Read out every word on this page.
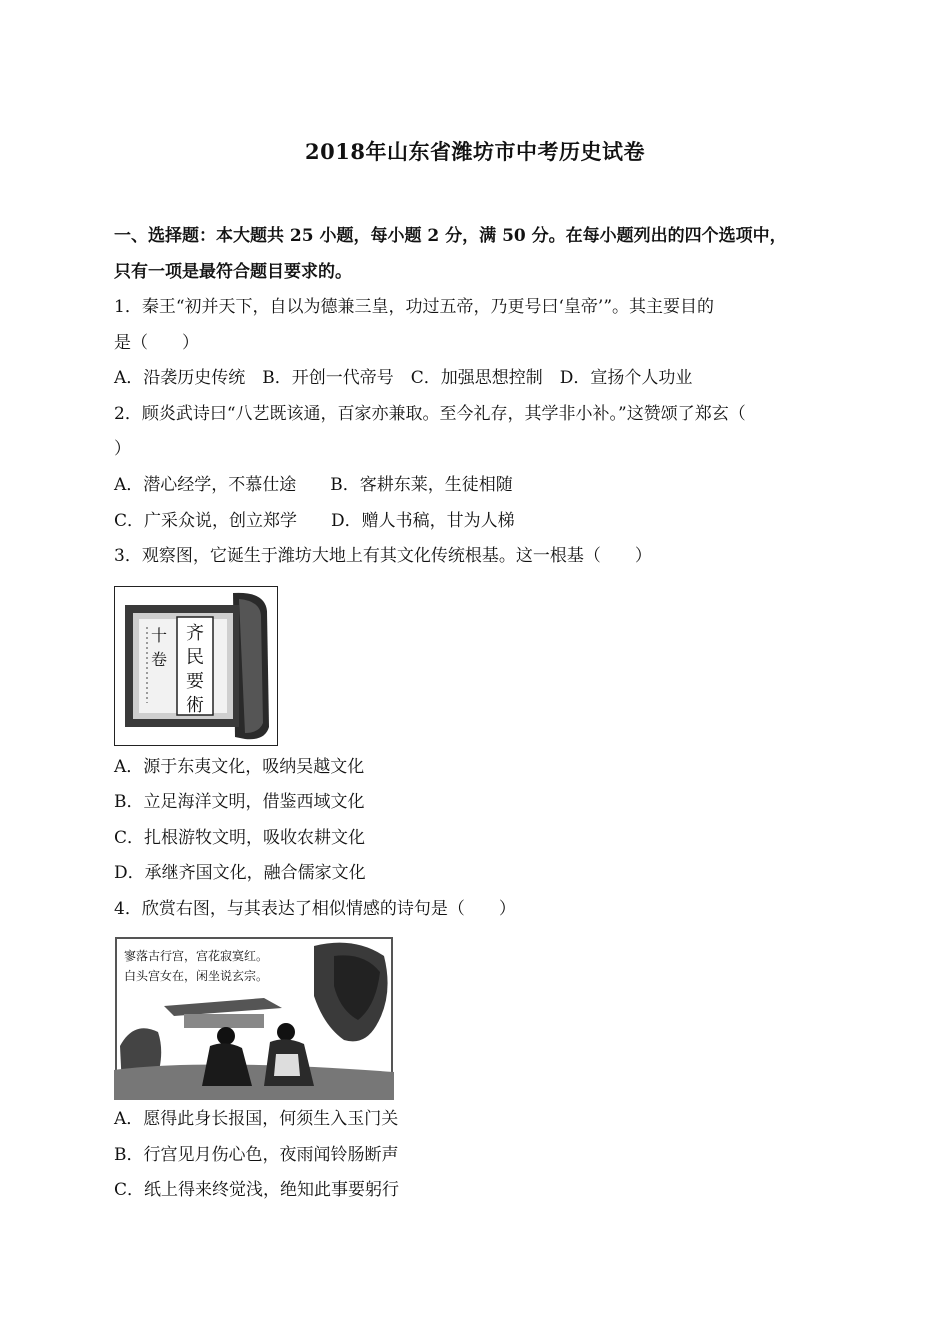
2018年山东省潍坊市中考历史试卷
一、选择题：本大题共 25 小题，每小题 2 分，满 50 分。在每小题列出的四个选项中，
只有一项是最符合题目要求的。
1．秦王“初并天下，自以为德兼三皇，功过五帝，乃更号曰‘皇帝’”。其主要目的
是（　　）
A．沿袭历史传统　B．开创一代帝号　C．加强思想控制　D．宣扬个人功业
2．顾炎武诗曰“八艺既该通，百家亦兼取。至今礼存，其学非小补。”这赞颂了郑玄（
）
A．潜心经学，不慕仕途　　B．客耕东莱，生徒相随
C．广采众说，创立郑学　　D．赠人书稿，甘为人梯
3．观察图，它诞生于潍坊大地上有其文化传统根基。这一根基（　　）
齐
民
要
術
十
卷
A．源于东夷文化，吸纳吴越文化
B．立足海洋文明，借鉴西域文化
C．扎根游牧文明，吸收农耕文化
D．承继齐国文化，融合儒家文化
4．欣赏右图，与其表达了相似情感的诗句是（　　）
寥落古行宫，宫花寂寞红。
白头宫女在，闲坐说玄宗。
A．愿得此身长报国，何须生入玉门关
B．行宫见月伤心色，夜雨闻铃肠断声
C．纸上得来终觉浅，绝知此事要躬行
